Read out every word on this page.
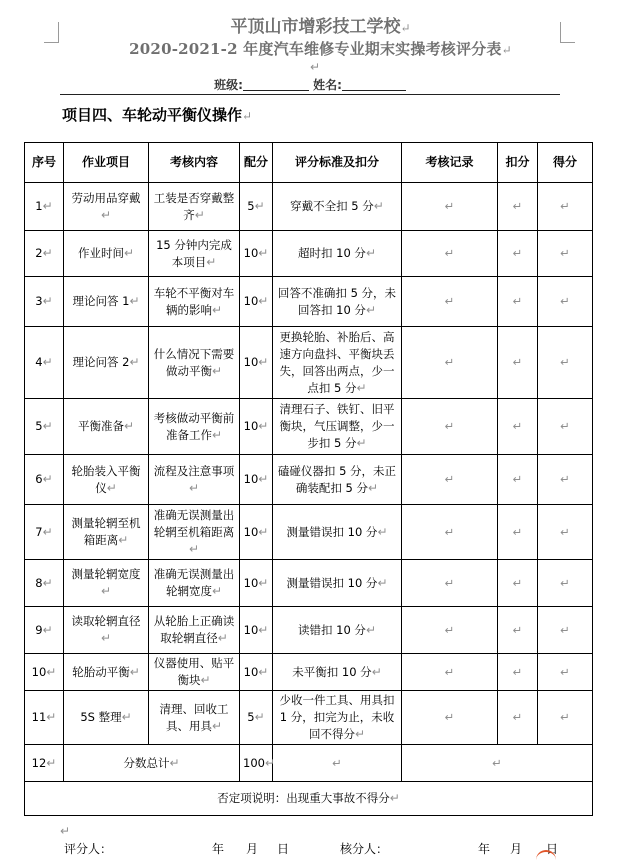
平顶山市增彩技工学校↵
2020-2021-2 年度汽车维修专业期末实操考核评分表↵
↵
班级:	姓名:
项目四、车轮动平衡仪操作↵
序号	作业项目	考核内容	配分	评分标准及扣分	考核记录	扣分	得分
1↵	劳动用品穿戴↵	工装是否穿戴整齐↵	5↵	穿戴不全扣 5 分↵	↵	↵	↵
2↵	作业时间↵	15 分钟内完成本项目↵	10↵	超时扣 10 分↵	↵	↵	↵
3↵	理论问答 1↵	车轮不平衡对车辆的影响↵	10↵	回答不准确扣 5 分，未回答扣 10 分↵	↵	↵	↵
4↵	理论问答 2↵	什么情况下需要做动平衡↵	10↵	更换轮胎、补胎后、高速方向盘抖、平衡块丢失，回答出两点，少一点扣 5 分↵	↵	↵	↵
5↵	平衡准备↵	考核做动平衡前准备工作↵	10↵	清理石子、铁钉、旧平衡块，气压调整，少一步扣 5 分↵	↵	↵	↵
6↵	轮胎装入平衡仪↵	流程及注意事项↵	10↵	磕碰仪器扣 5 分，未正确装配扣 5 分↵	↵	↵	↵
7↵	测量轮辋至机箱距离↵	准确无误测量出轮辋至机箱距离↵	10↵	测量错误扣 10 分↵	↵	↵	↵
8↵	测量轮辋宽度↵	准确无误测量出轮辋宽度↵	10↵	测量错误扣 10 分↵	↵	↵	↵
9↵	读取轮辋直径↵	从轮胎上正确读取轮辋直径↵	10↵	读错扣 10 分↵	↵	↵	↵
10↵	轮胎动平衡↵	仪器使用、贴平衡块↵	10↵	未平衡扣 10 分↵	↵	↵	↵
11↵	5S 整理↵	清理、回收工具、用具↵	5↵	少收一件工具、用具扣 1 分，扣完为止，未收回不得分↵	↵	↵	↵
12↵	分数总计↵		100↵	↵	↵		
否定项说明：出现重大事故不得分↵							
↵
评分人：	年 月 日	核分人：	年 月 日
